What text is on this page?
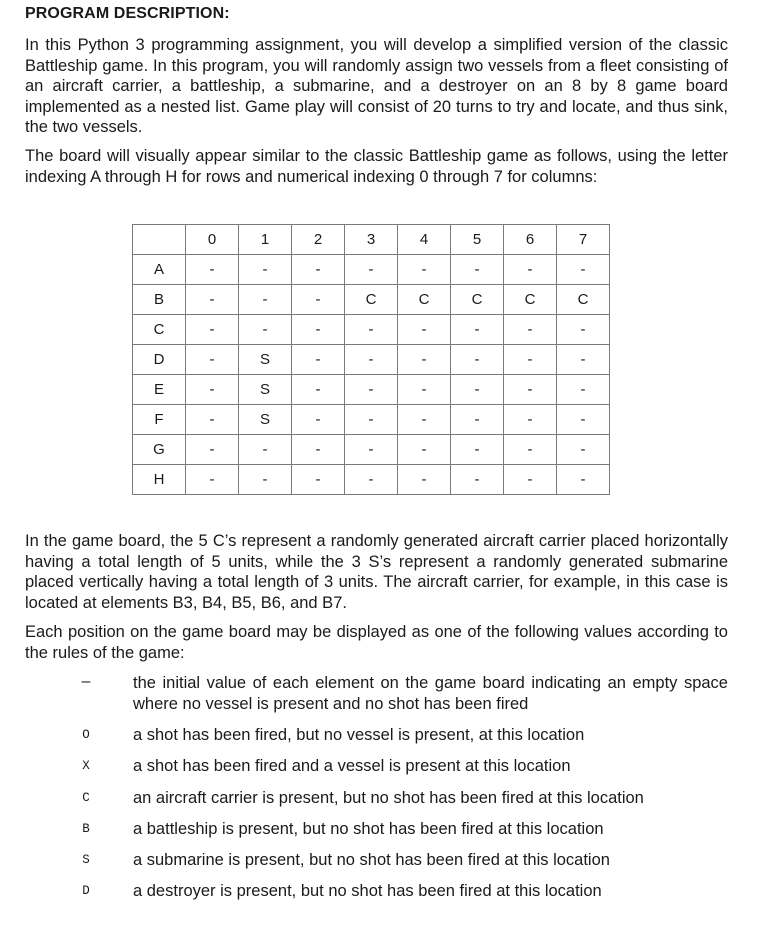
PROGRAM DESCRIPTION:

In this Python 3 programming assignment, you will develop a simplified version of the classic Battleship game. In this program, you will randomly assign two vessels from a fleet consisting of an aircraft carrier, a battleship, a submarine, and a destroyer on an 8 by 8 game board implemented as a nested list. Game play will consist of 20 turns to try and locate, and thus sink, the two vessels.

The board will visually appear similar to the classic Battleship game as follows, using the letter indexing A through H for rows and numerical indexing 0 through 7 for columns:

	0	1	2	3	4	5	6	7
A	-	-	-	-	-	-	-	-
B	-	-	-	C	C	C	C	C
C	-	-	-	-	-	-	-	-
D	-	S	-	-	-	-	-	-
E	-	S	-	-	-	-	-	-
F	-	S	-	-	-	-	-	-
G	-	-	-	-	-	-	-	-
H	-	-	-	-	-	-	-	-

In the game board, the 5 C’s represent a randomly generated aircraft carrier placed horizontally having a total length of 5 units, while the 3 S’s represent a randomly generated submarine placed vertically having a total length of 3 units. The aircraft carrier, for example, in this case is located at elements B3, B4, B5, B6, and B7.

Each position on the game board may be displayed as one of the following values according to the rules of the game:

–	the initial value of each element on the game board indicating an empty space where no vessel is present and no shot has been fired
O	a shot has been fired, but no vessel is present, at this location
X	a shot has been fired and a vessel is present at this location
C	an aircraft carrier is present, but no shot has been fired at this location
B	a battleship is present, but no shot has been fired at this location
S	a submarine is present, but no shot has been fired at this location
D	a destroyer is present, but no shot has been fired at this location
